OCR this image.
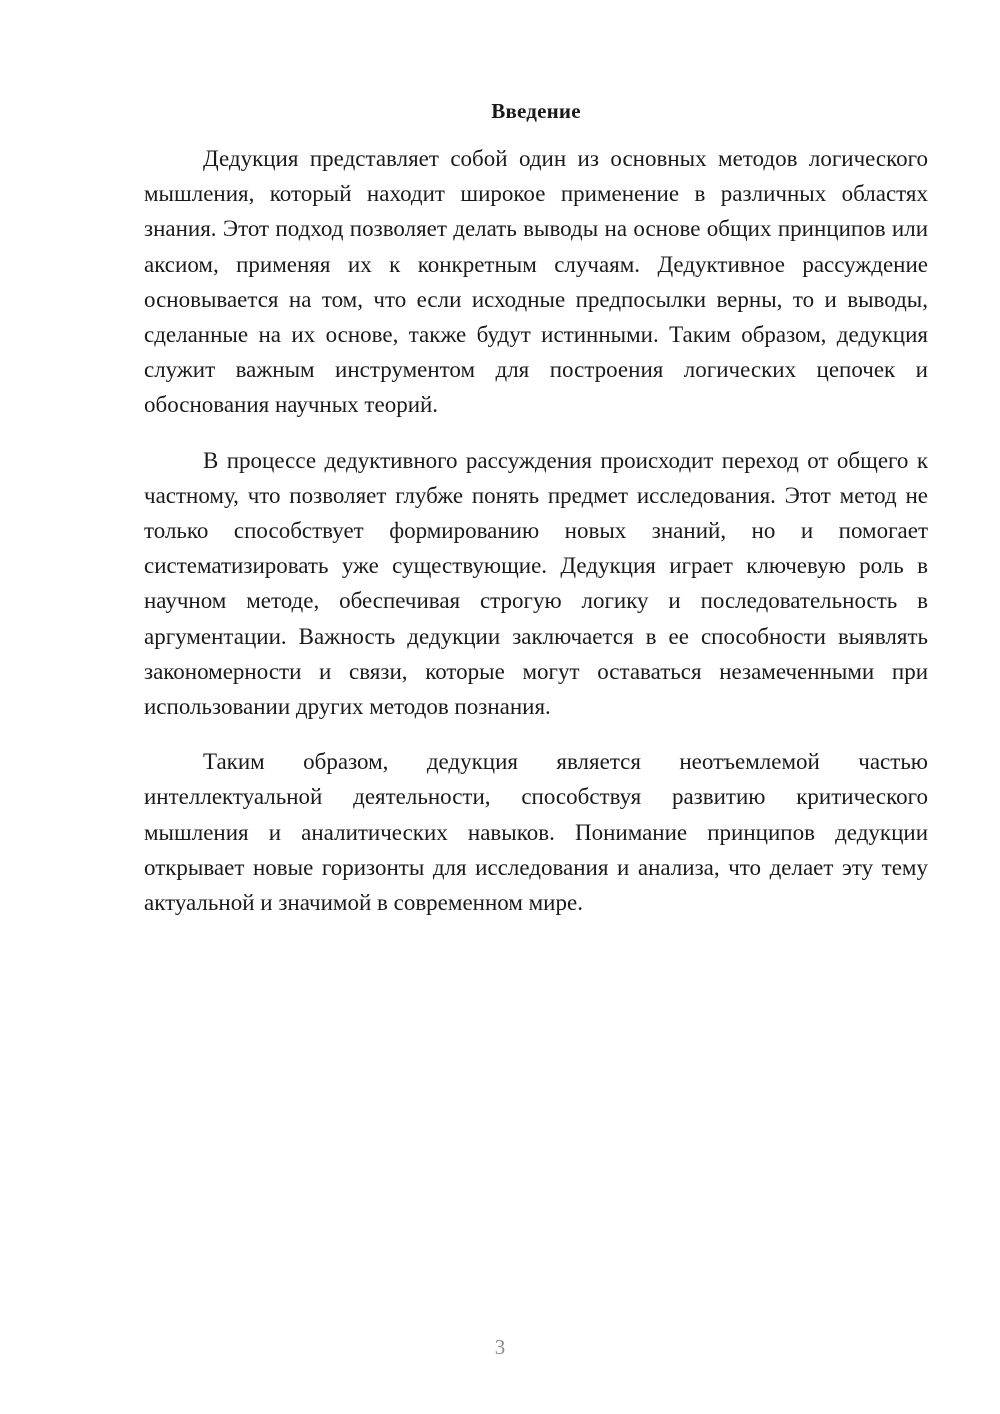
Введение

Дедукция представляет собой один из основных методов логического мышления, который находит широкое применение в различных областях знания. Этот подход позволяет делать выводы на основе общих принципов или аксиом, применяя их к конкретным случаям. Дедуктивное рассуждение основывается на том, что если исходные предпосылки верны, то и выводы, сделанные на их основе, также будут истинными. Таким образом, дедукция служит важным инструментом для построения логических цепочек и обоснования научных теорий.

В процессе дедуктивного рассуждения происходит переход от общего к частному, что позволяет глубже понять предмет исследования. Этот метод не только способствует формированию новых знаний, но и помогает систематизировать уже существующие. Дедукция играет ключевую роль в научном методе, обеспечивая строгую логику и последовательность в аргументации. Важность дедукции заключается в ее способности выявлять закономерности и связи, которые могут оставаться незамеченными при использовании других методов познания.

Таким образом, дедукция является неотъемлемой частью интеллектуальной деятельности, способствуя развитию критического мышления и аналитических навыков. Понимание принципов дедукции открывает новые горизонты для исследования и анализа, что делает эту тему актуальной и значимой в современном мире.

3
